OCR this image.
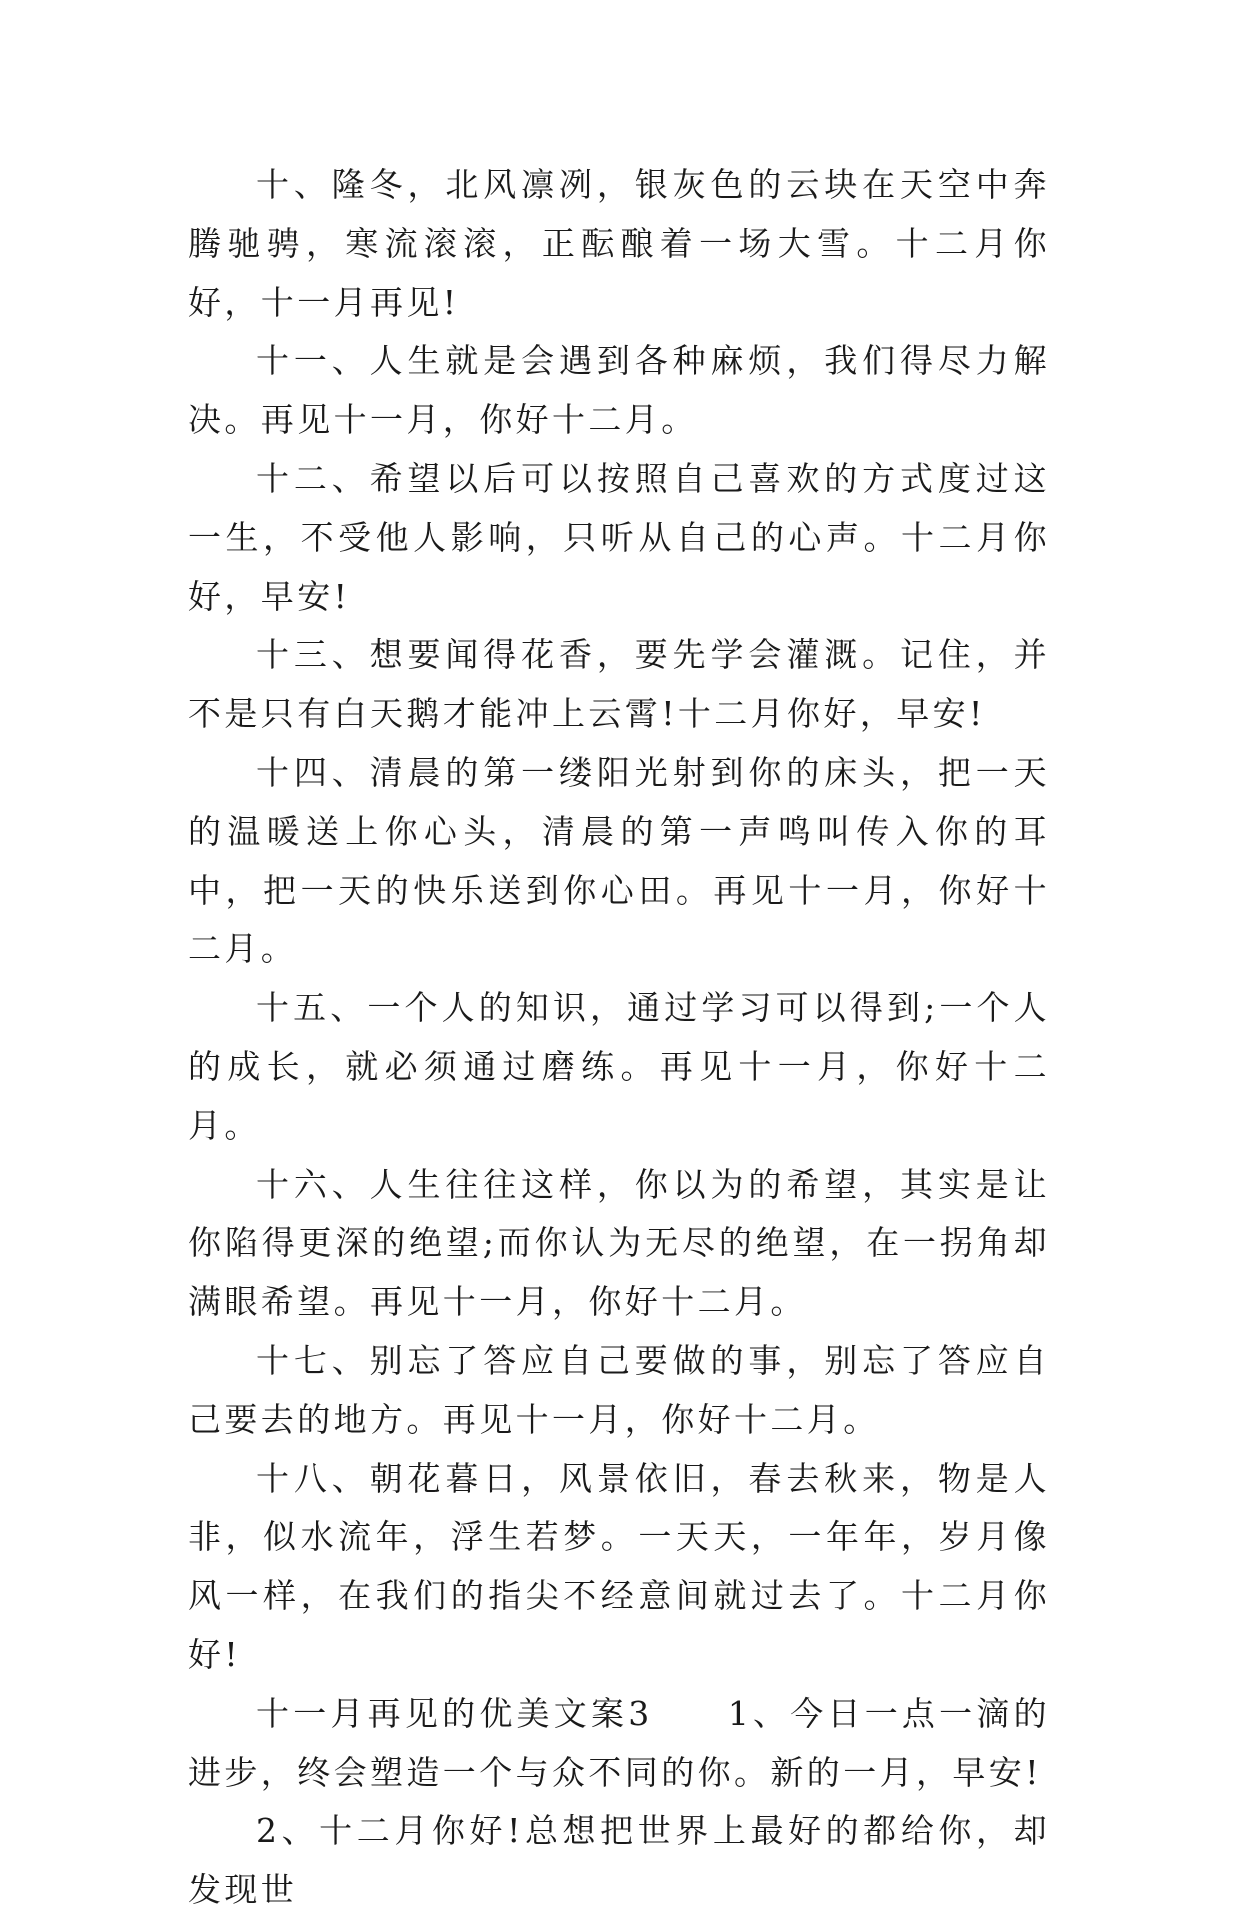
十、隆冬，北风凛冽，银灰色的云块在天空中奔腾驰骋，寒流滚滚，正酝酿着一场大雪。十二月你好，十一月再见!

十一、人生就是会遇到各种麻烦，我们得尽力解决。再见十一月，你好十二月。

十二、希望以后可以按照自己喜欢的方式度过这一生，不受他人影响，只听从自己的心声。十二月你好，早安!

十三、想要闻得花香，要先学会灌溉。记住，并不是只有白天鹅才能冲上云霄!十二月你好，早安!

十四、清晨的第一缕阳光射到你的床头，把一天的温暖送上你心头，清晨的第一声鸣叫传入你的耳中，把一天的快乐送到你心田。再见十一月，你好十二月。

十五、一个人的知识，通过学习可以得到;一个人的成长，就必须通过磨练。再见十一月，你好十二月。

十六、人生往往这样，你以为的希望，其实是让你陷得更深的绝望;而你认为无尽的绝望，在一拐角却满眼希望。再见十一月，你好十二月。

十七、别忘了答应自己要做的事，别忘了答应自己要去的地方。再见十一月，你好十二月。

十八、朝花暮日，风景依旧，春去秋来，物是人非，似水流年，浮生若梦。一天天，一年年，岁月像风一样，在我们的指尖不经意间就过去了。十二月你好!

十一月再见的优美文案3　　1、今日一点一滴的进步，终会塑造一个与众不同的你。新的一月，早安!

2、十二月你好!总想把世界上最好的都给你，却发现世
